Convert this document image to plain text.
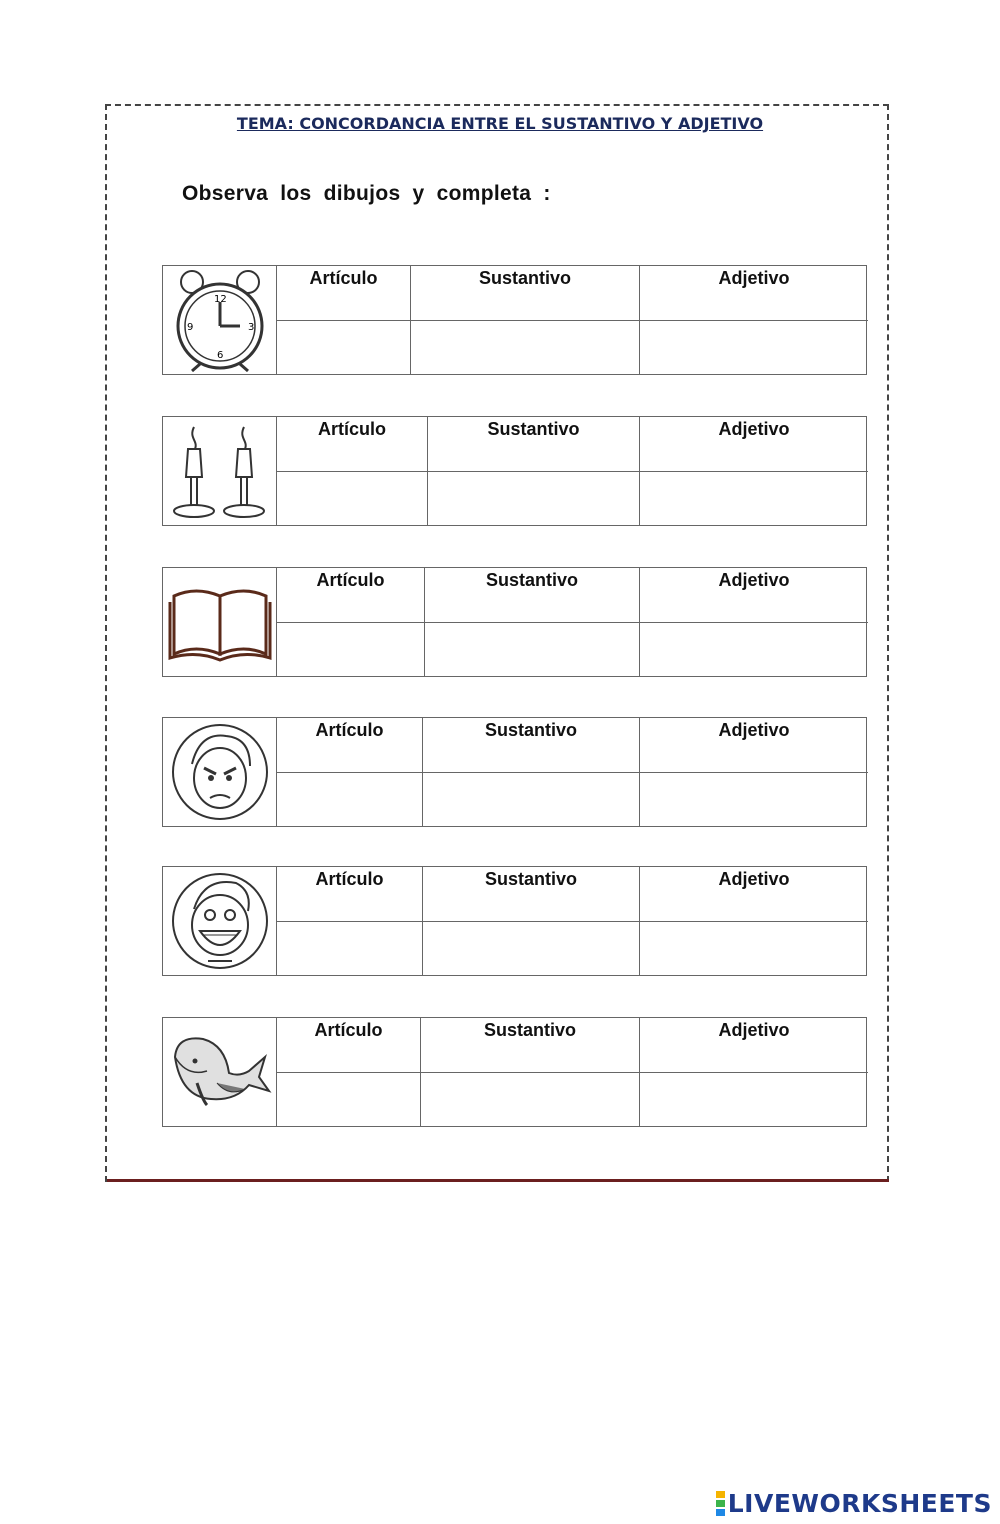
TEMA: CONCORDANCIA ENTRE EL SUSTANTIVO Y ADJETIVO
Observa los dibujos y completa :
12
3
6
9
Artículo	Sustantivo	Adjetivo
Artículo	Sustantivo	Adjetivo
Artículo	Sustantivo	Adjetivo
Artículo	Sustantivo	Adjetivo
Artículo	Sustantivo	Adjetivo
Artículo	Sustantivo	Adjetivo
LIVEWORKSHEETS
